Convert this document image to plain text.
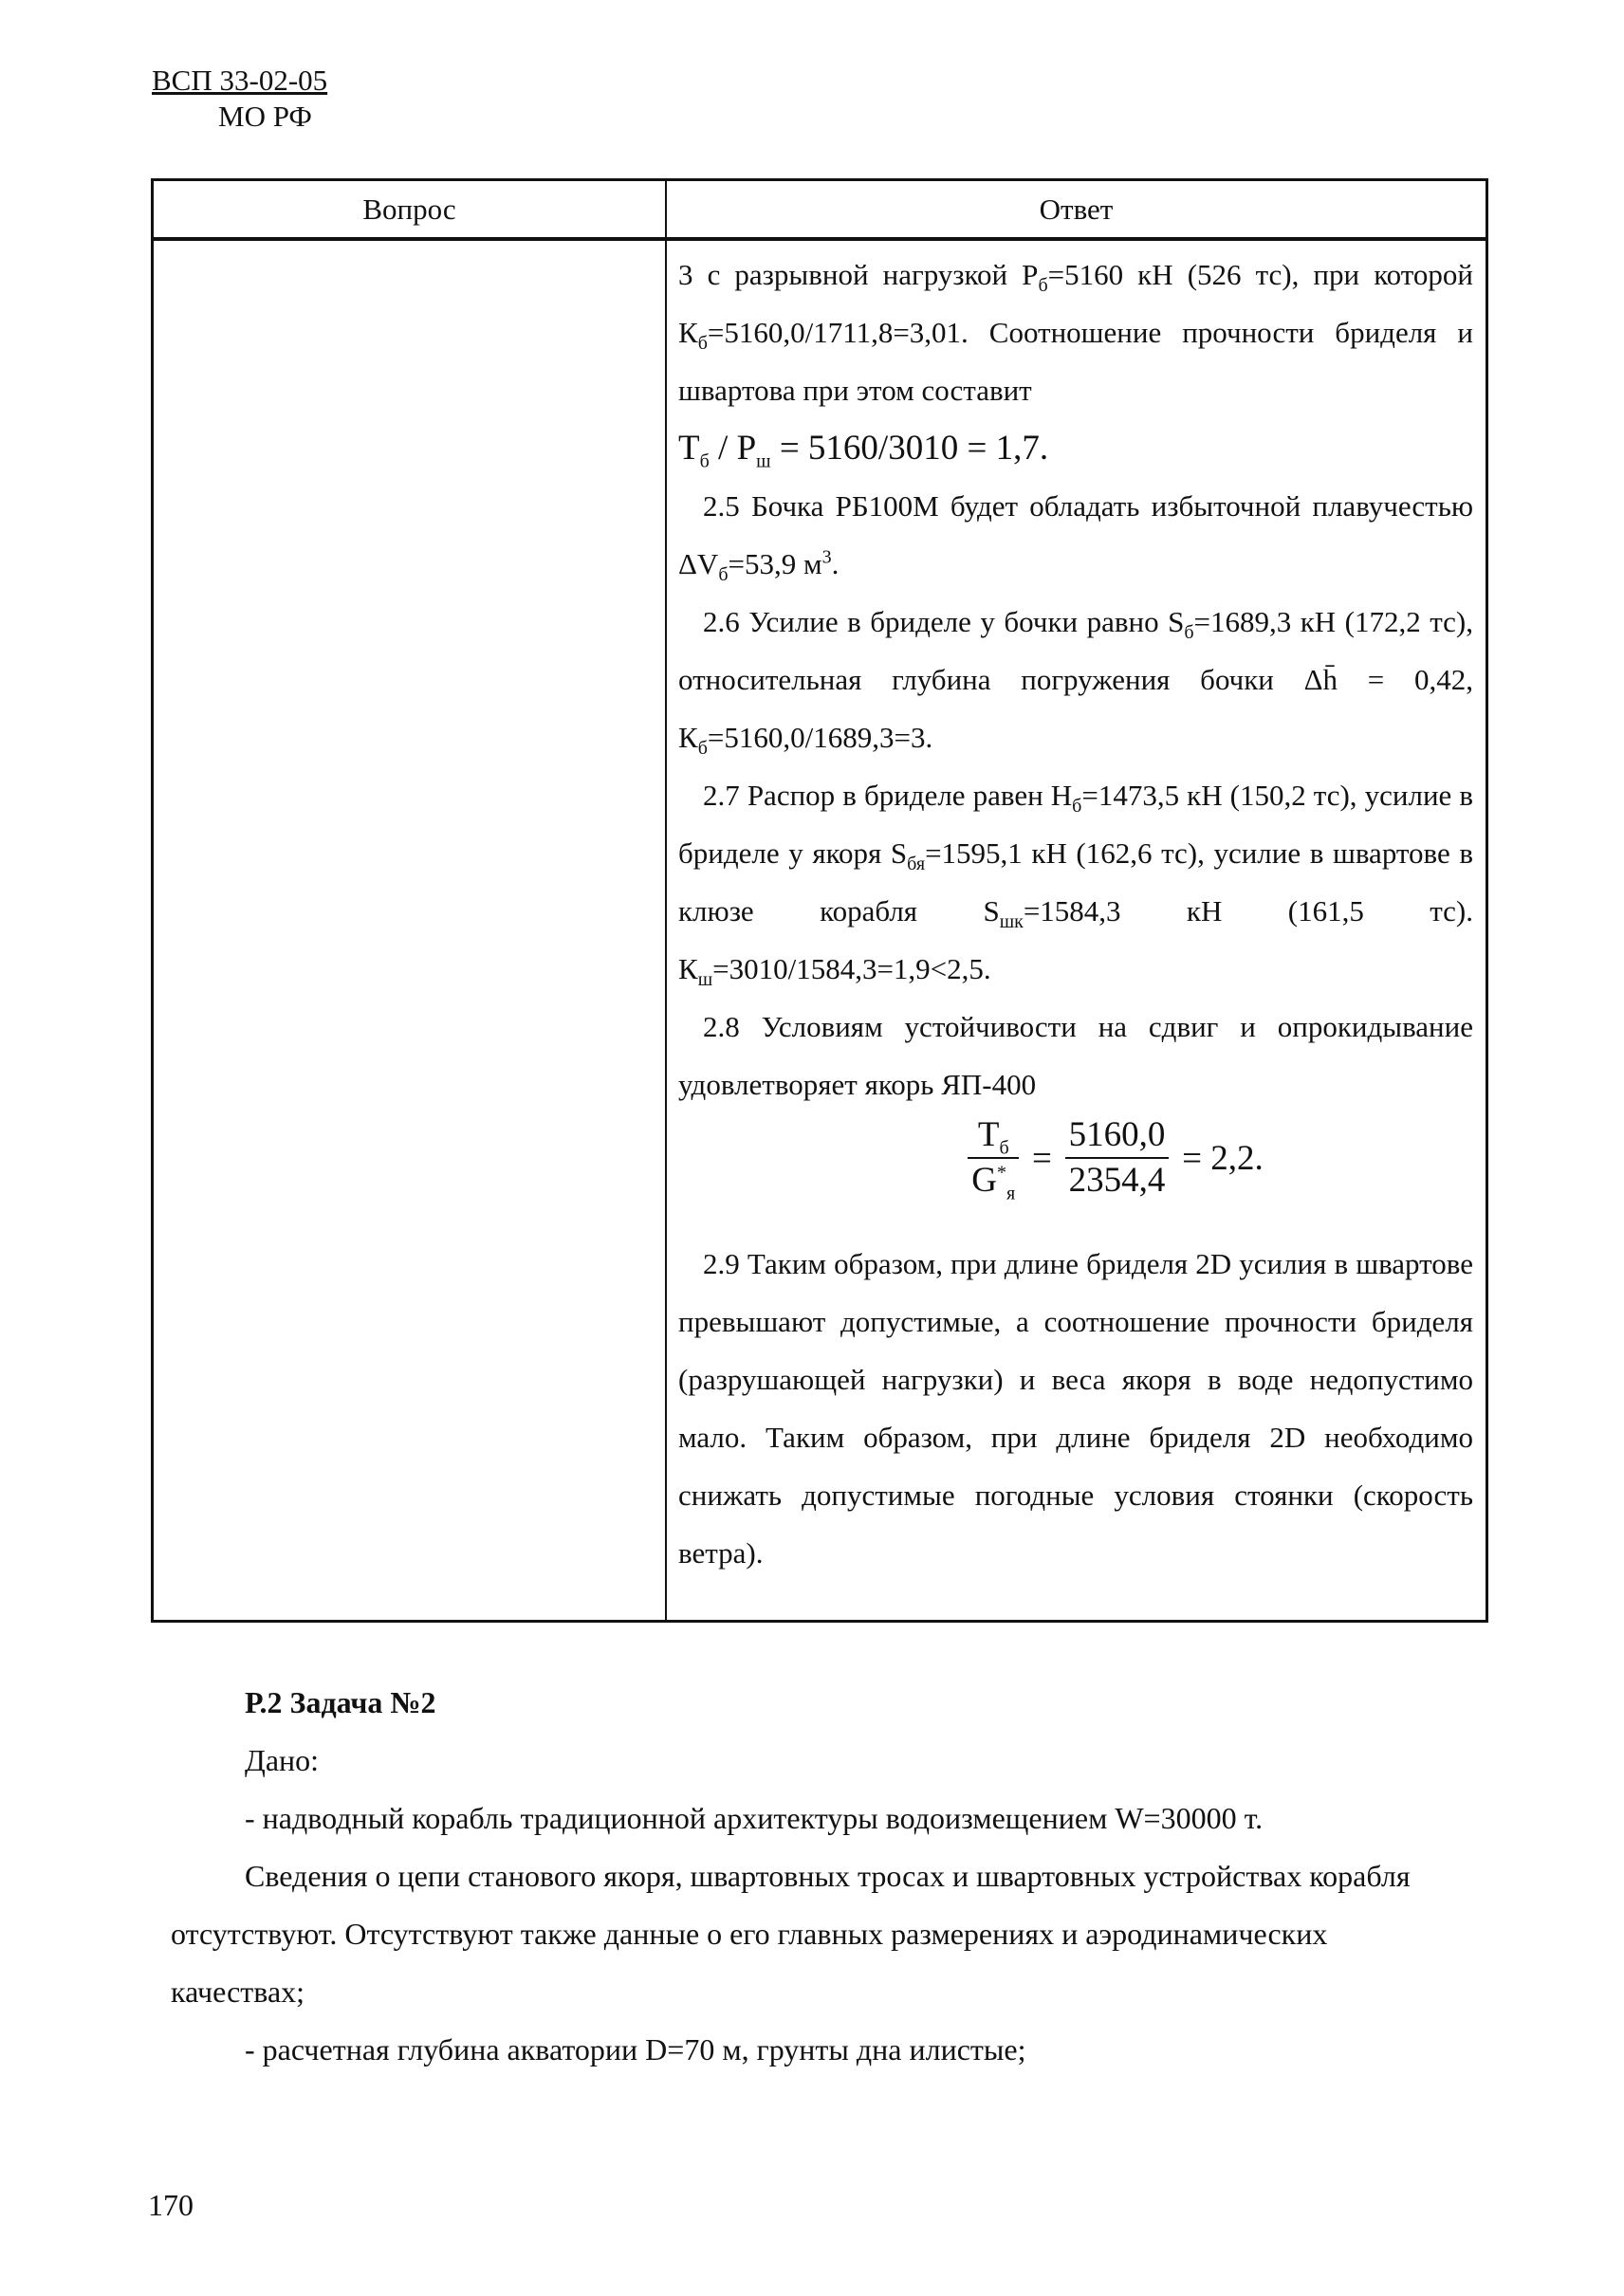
ВСП 33-02-05
МО РФ
Вопрос	Ответ

3 с разрывной нагрузкой $Р_б=5160$ кН (526 тс), при которой $К_б=5160,0/1711,8=3,01$. Соотношение прочности бриделя и швартова при этом составит

$Т_б / Р_ш = 5160/3010 = 1,7$.

2.5 Бочка РБ100М будет обладать избыточной плавучестью $\Delta V_б=53,9$ $м^3$.

2.6 Усилие в бриделе у бочки равно $S_б=1689,3$ кН (172,2 тс), относительная глубина погружения бочки Δh̄ = 0,42, $К_б=5160,0/1689,3=3$.

2.7 Распор в бриделе равен $Н_б=1473,5$ кН (150,2 тс), усилие в бриделе у якоря $S_{бя}=1595,1$ кН (162,6 тс), усилие в швартове в клюзе корабля $S_{шк}=1584,3$ кН (161,5 тс). $К_ш=3010/1584,3=1,9<2,5$.

2.8 Условиям устойчивости на сдвиг и опрокидывание удовлетворяет якорь ЯП-400

$\frac{Т_б}{G^*_я} = \frac{5160,0}{2354,4} = 2,2$.

2.9 Таким образом, при длине бриделя 2D усилия в швартове превышают допустимые, а соотношение прочности бриделя (разрушающей нагрузки) и веса якоря в воде недопустимо мало. Таким образом, при длине бриделя 2D необходимо снижать допустимые погодные условия стоянки (скорость ветра).

Р.2 Задача №2

Дано:

- надводный корабль традиционной архитектуры водоизмещением W=30000 т.

Сведения о цепи станового якоря, швартовных тросах и швартовных устройствах корабля отсутствуют. Отсутствуют также данные о его главных размерениях и аэродинамических качествах;

- расчетная глубина акватории D=70 м, грунты дна илистые;

170
